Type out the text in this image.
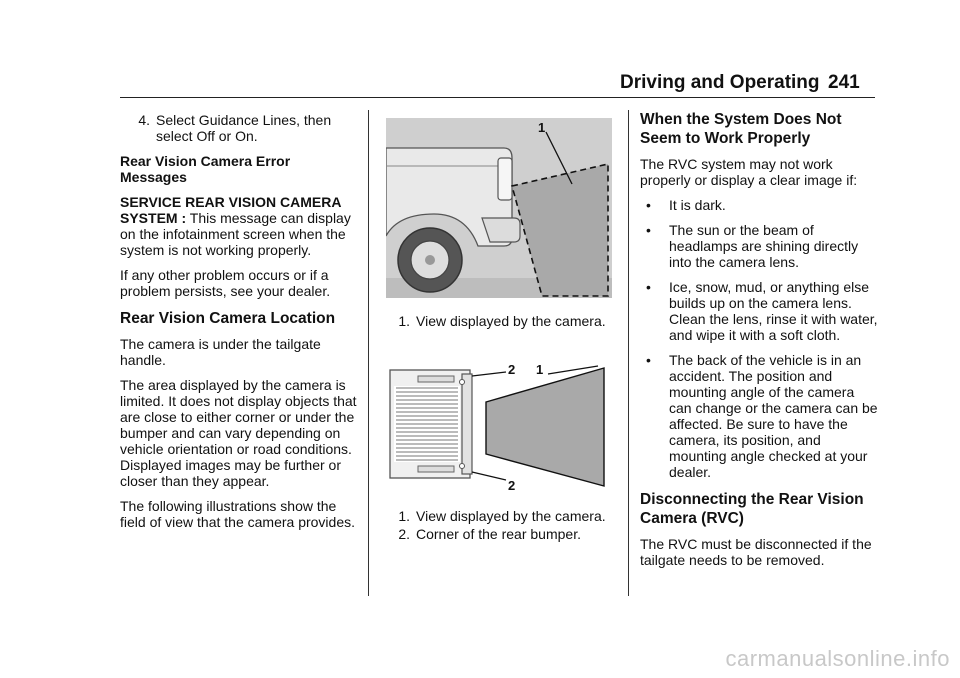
Driving and Operating 241
4. Select Guidance Lines, then select Off or On.

Rear Vision Camera Error Messages

SERVICE REAR VISION CAMERA SYSTEM : This message can display on the infotainment screen when the system is not working properly.

If any other problem occurs or if a problem persists, see your dealer.

Rear Vision Camera Location

The camera is under the tailgate handle.

The area displayed by the camera is limited. It does not display objects that are close to either corner or under the bumper and can vary depending on vehicle orientation or road conditions. Displayed images may be further or closer than they appear.

The following illustrations show the field of view that the camera provides.

1
1. View displayed by the camera.
2 1
2
1. View displayed by the camera.
2. Corner of the rear bumper.
When the System Does Not Seem to Work Properly

The RVC system may not work properly or display a clear image if:

•	It is dark.
•	The sun or the beam of headlamps are shining directly into the camera lens.
•	Ice, snow, mud, or anything else builds up on the camera lens. Clean the lens, rinse it with water, and wipe it with a soft cloth.
•	The back of the vehicle is in an accident. The position and mounting angle of the camera can change or the camera can be affected. Be sure to have the camera, its position, and mounting angle checked at your dealer.
Disconnecting the Rear Vision Camera (RVC)

The RVC must be disconnected if the tailgate needs to be removed.

carmanualsonline.info
